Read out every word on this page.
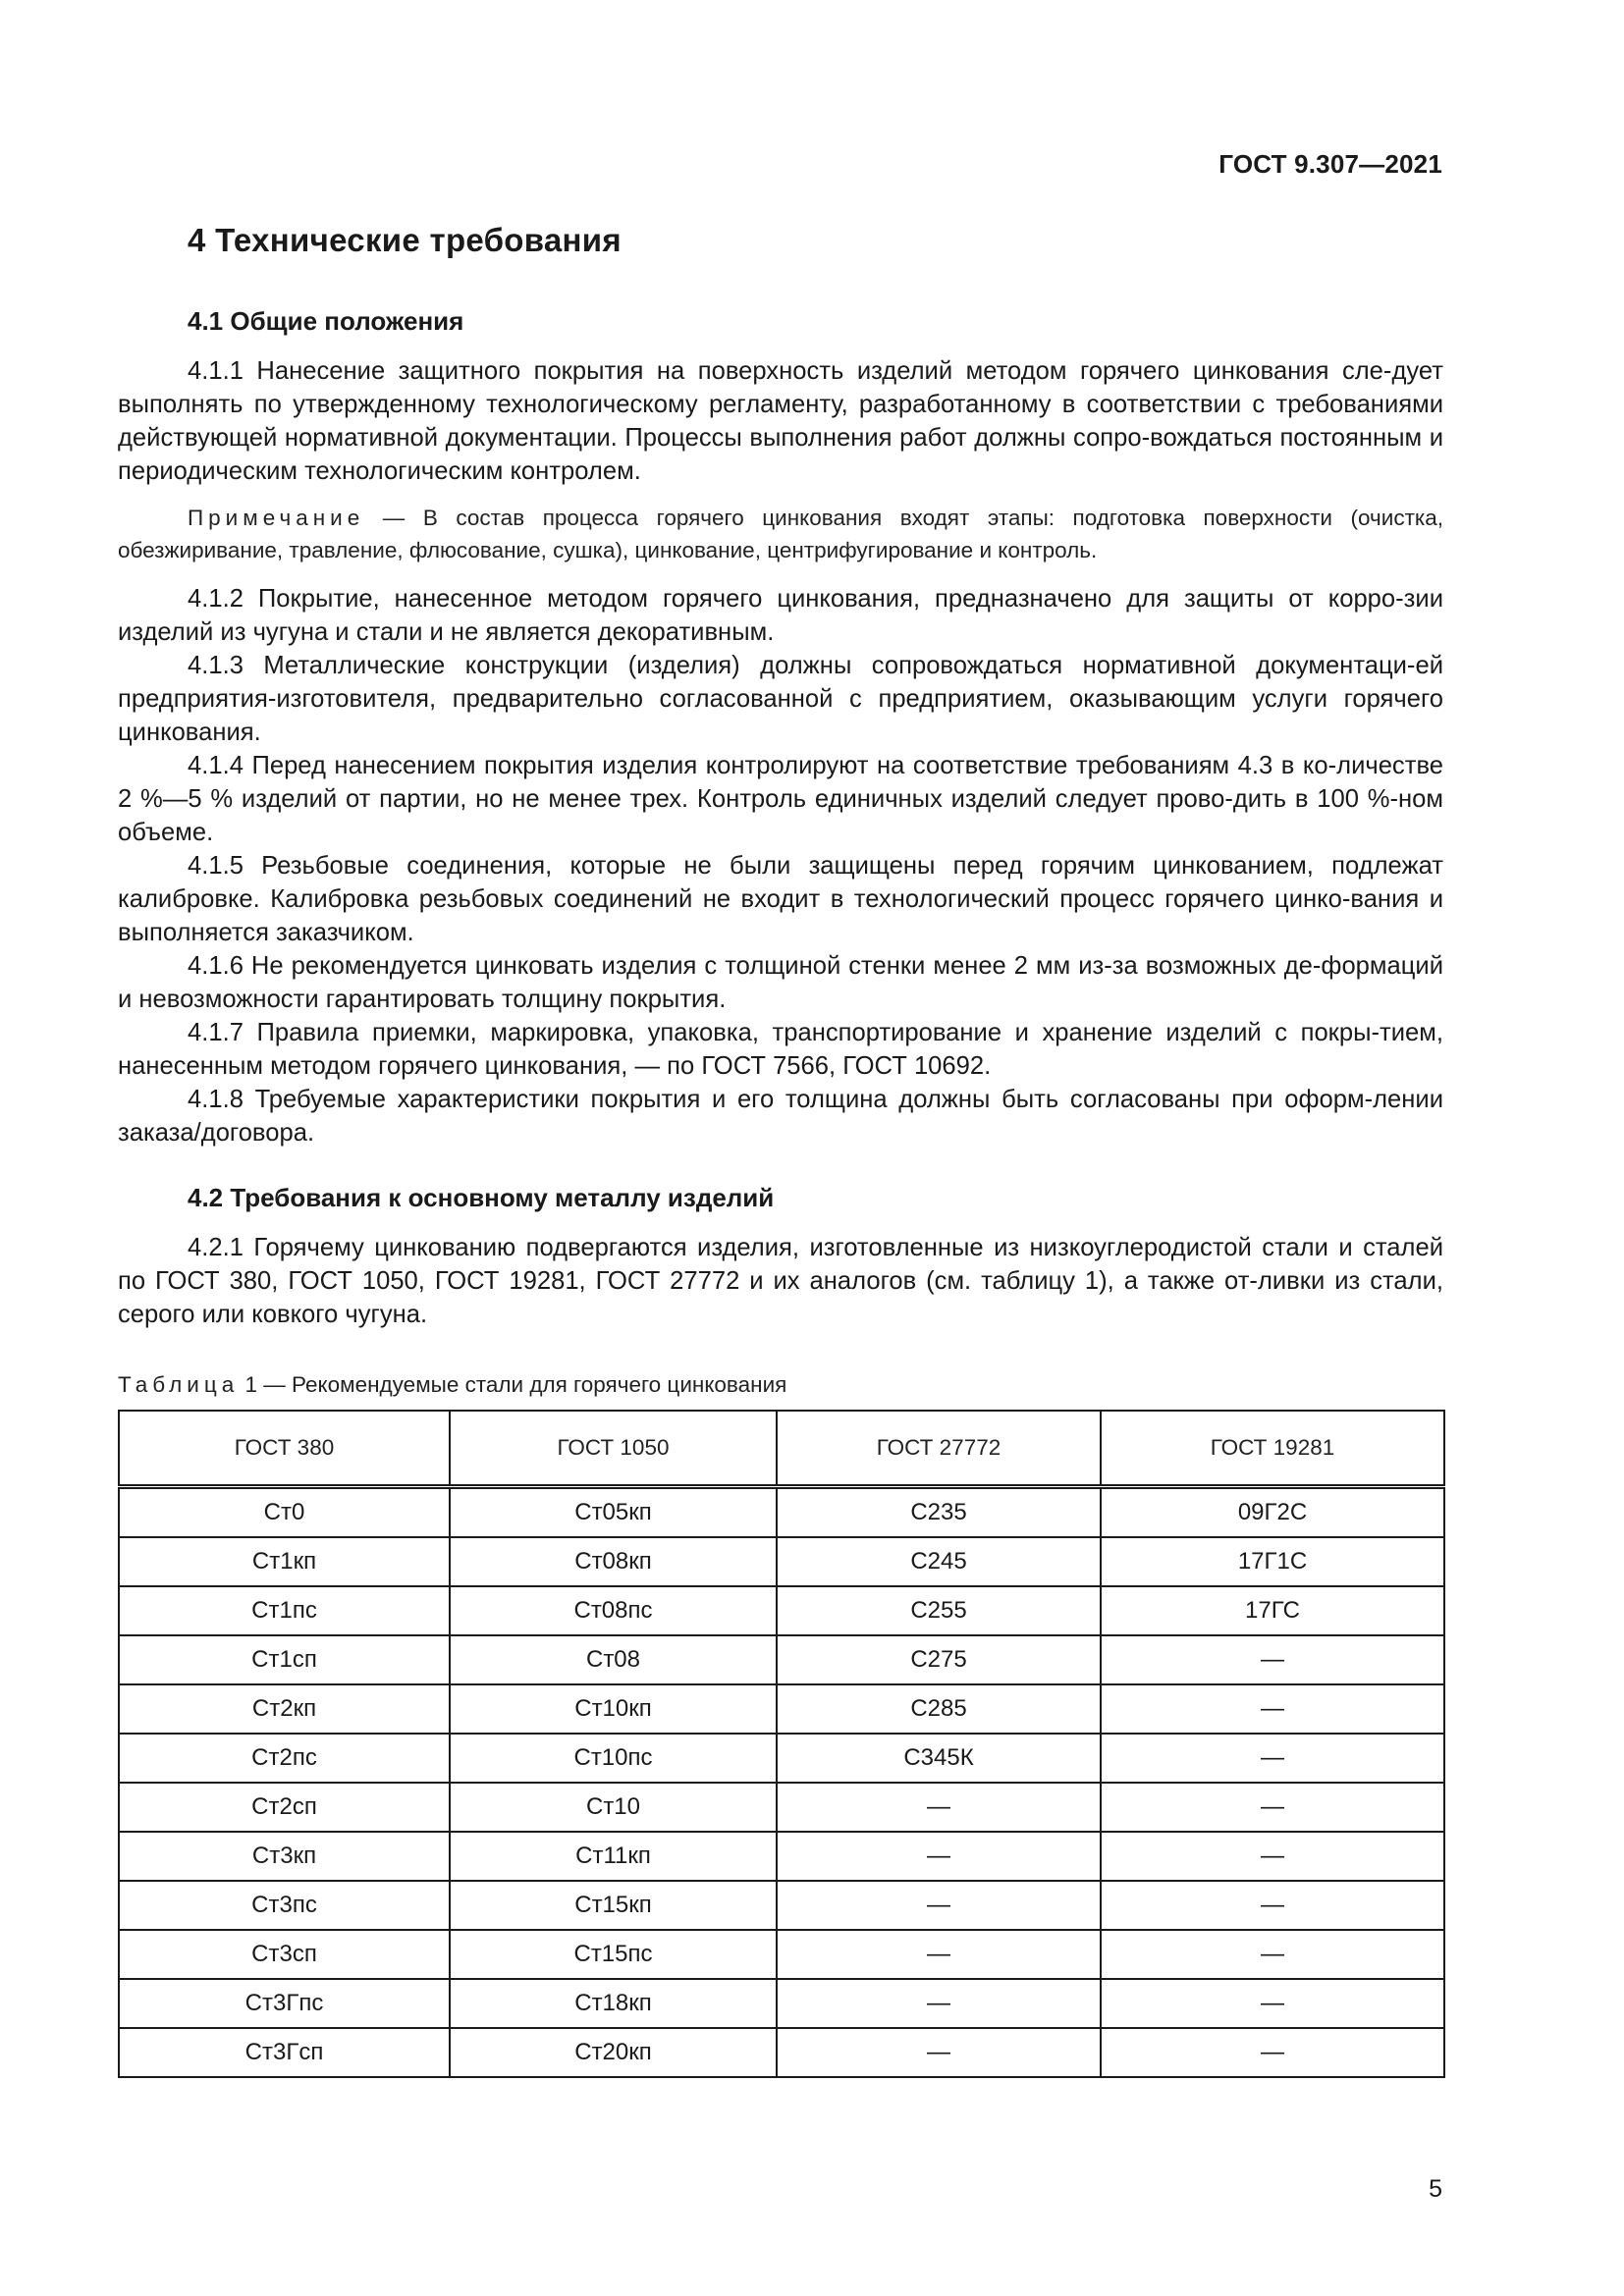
ГОСТ 9.307—2021
4 Технические требования
4.1 Общие положения

4.1.1 Нанесение защитного покрытия на поверхность изделий методом горячего цинкования сле-дует выполнять по утвержденному технологическому регламенту, разработанному в соответствии с требованиями действующей нормативной документации. Процессы выполнения работ должны сопро-вождаться постоянным и периодическим технологическим контролем.

Примечание — В состав процесса горячего цинкования входят этапы: подготовка поверхности (очистка, обезжиривание, травление, флюсование, сушка), цинкование, центрифугирование и контроль.

4.1.2 Покрытие, нанесенное методом горячего цинкования, предназначено для защиты от корро-зии изделий из чугуна и стали и не является декоративным.

4.1.3 Металлические конструкции (изделия) должны сопровождаться нормативной документаци-ей предприятия-изготовителя, предварительно согласованной с предприятием, оказывающим услуги горячего цинкования.

4.1.4 Перед нанесением покрытия изделия контролируют на соответствие требованиям 4.3 в ко-личестве 2 %—5 % изделий от партии, но не менее трех. Контроль единичных изделий следует прово-дить в 100 %-ном объеме.

4.1.5 Резьбовые соединения, которые не были защищены перед горячим цинкованием, подлежат калибровке. Калибровка резьбовых соединений не входит в технологический процесс горячего цинко-вания и выполняется заказчиком.

4.1.6 Не рекомендуется цинковать изделия с толщиной стенки менее 2 мм из-за возможных де-формаций и невозможности гарантировать толщину покрытия.

4.1.7 Правила приемки, маркировка, упаковка, транспортирование и хранение изделий с покры-тием, нанесенным методом горячего цинкования, — по ГОСТ 7566, ГОСТ 10692.

4.1.8 Требуемые характеристики покрытия и его толщина должны быть согласованы при оформ-лении заказа/договора.

4.2 Требования к основному металлу изделий

4.2.1 Горячему цинкованию подвергаются изделия, изготовленные из низкоуглеродистой стали и сталей по ГОСТ 380, ГОСТ 1050, ГОСТ 19281, ГОСТ 27772 и их аналогов (см. таблицу 1), а также от-ливки из стали, серого или ковкого чугуна.

Таблица 1 — Рекомендуемые стали для горячего цинкования
ГОСТ 380	ГОСТ 1050	ГОСТ 27772	ГОСТ 19281
Ст0	Ст05кп	С235	09Г2С
Ст1кп	Ст08кп	С245	17Г1С
Ст1пс	Ст08пс	С255	17ГС
Ст1сп	Ст08	С275	—
Ст2кп	Ст10кп	С285	—
Ст2пс	Ст10пс	С345К	—
Ст2сп	Ст10	—	—
Ст3кп	Ст11кп	—	—
Ст3пс	Ст15кп	—	—
Ст3сп	Ст15пс	—	—
Ст3Гпс	Ст18кп	—	—
Ст3Гсп	Ст20кп	—	—
5
